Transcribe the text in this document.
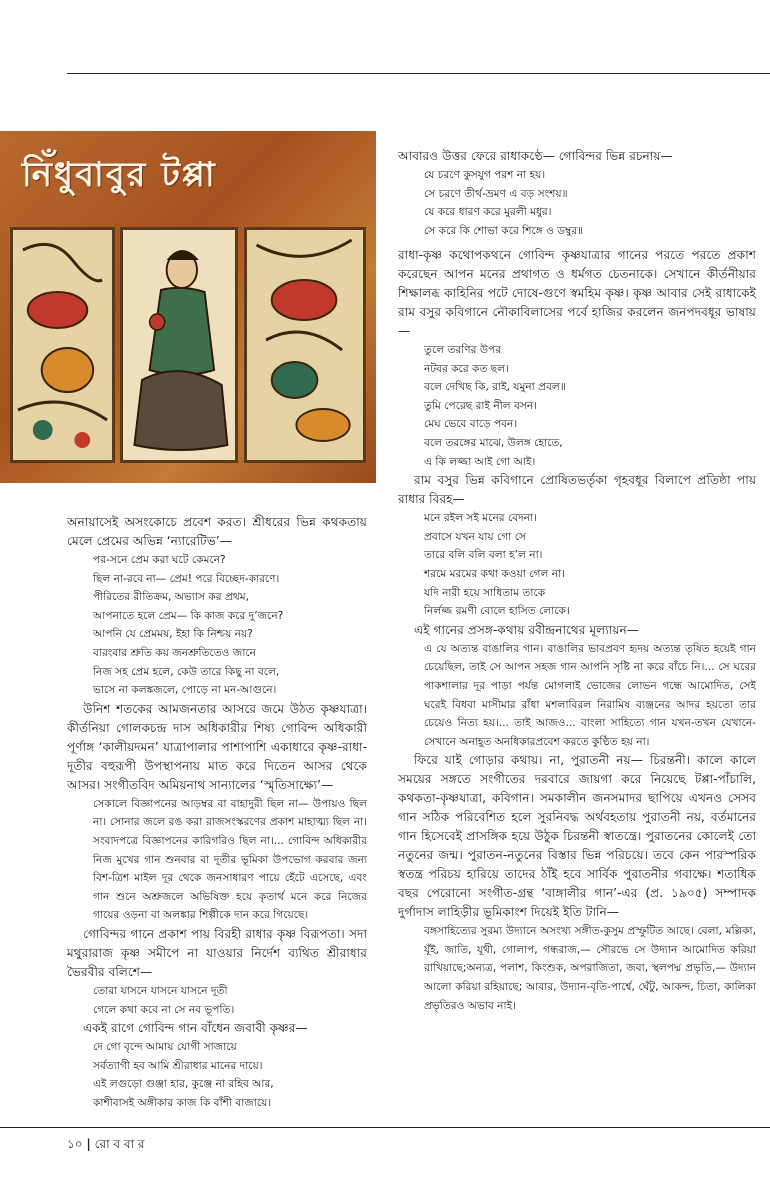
নিঁধুবাবুর টপ্পা	আবারও উত্তর ফেরে রাধাকণ্ঠে— গোবিন্দর ভিন্ন রচনায়—

যে চরণে কুসযুগ পরশ না হয়।
সে চরণে তীর্থ-ভ্রমণ এ বড় সংশয়॥
যে করে ধারণ করে মুরলী মধুর।
সে করে কি শোভা করে শিঙ্গে ও ডম্বুর॥

রাধা-কৃষ্ণ কথোপকথনে গোবিন্দ কৃষ্ণযাত্রার গানের পরতে পরতে প্রকাশ করেছেন আপন মনের প্রথাগত ও ধর্মগত চেতনাকে। সেখানে কীর্তনীয়ার শিক্ষালব্ধ কাহিনির পটে দোষে-গুণে স্বমহিম কৃষ্ণ। কৃষ্ণ আবার সেই রাধাকেই রাম বসুর কবিগানে নৌকাবিলাসের পর্বে হাজির করলেন জনপদবধূর ভাষায়—

তুলে তরণির উপর
নটবর করে কত ছল।
বলে দেখিছ কি, রাই, যমুনা প্রবল॥
তুমি পেরেছ রাই নীল বসন।
মেঘ ভেবে বাড়ে পবন।
বলে তরঙ্গের মাঝে, উলঙ্গ হোতে,
এ কি লজ্জা আই গো আই।

রাম বসুর ভিন্ন কবিগানে প্রোষিতভর্তৃকা গৃহবধূর বিলাপে প্রতিষ্ঠা পায় রাধার বিরহ—

মনে রইল সই মনের বেদনা।
প্রবাসে যখন যায় গো সে
তারে বলি বলি বলা হ’ল না।
শরমে মরমের কথা কওয়া গেল না।
যদি নারী হয়ে সাধিতাম তাকে
নির্লজ্জ রমণী বোলে হাসিত লোকে।

এই গানের প্রসঙ্গ-কথায় রবীন্দ্রনাথের মূল্যায়ন—

এ যে অত্যন্ত বাঙালির গান। বাঙালির ভাবপ্রবণ হৃদয় অত্যন্ত তৃষিত হয়েই গান চেয়েছিল, তাই সে আপন সহজ গান আপনি সৃষ্টি না করে বাঁচে নি।... সে ঘরের পাকশালার দূর পাড়া পর্যন্ত মোগলাই ভোজের লোভন গন্ধে আমোদিত, সেই ঘরেই বিধবা মাসীমার রাঁধা মশলাবিরল নিরামিষ ব্যঞ্জনের আদর হয়তো তার চেয়েও নিত্য হয়।... তাই আজও... বাংলা সাহিত্যে গান যখন-তখন যেখানে-সেখানে অনাহূত অনধিকারপ্রবেশ করতে কুণ্ঠিত হয় না।

ফিরে যাই গোড়ার কথায়। না, পুরাতনী নয়— চিরন্তনী। কালে কালে সময়ের সঙ্গতে সংগীতের দরবারে জায়গা করে নিয়েছে টপ্পা-পাঁচালি, কথকতা-কৃষ্ণযাত্রা, কবিগান। সমকালীন জনসমাদর ছাপিয়ে এখনও সেসব গান সঠিক পরিবেশিত হলে সুরনিবদ্ধ অর্থবহতায় পুরাতনী নয়, বর্তমানের গান হিসেবেই প্রাসঙ্গিক হয়ে উঠুক চিরন্তনী স্বাতন্ত্রে। পুরাতনের কোলেই তো নতুনের জন্ম। পুরাতন-নতুনের বিস্তার ভিন্ন পরিচয়ে। তবে কেন পারস্পরিক স্বতন্ত্র পরিচয় হারিয়ে তাদের ঠাঁই হবে সার্বিক পুরাতনীর গবাক্ষে। শতাধিক বছর পেরোনো সংগীত-গ্রন্থ ‘বাঙ্গালীর গান’-এর (প্র. ১৯০৫) সম্পাদক দুর্গাদাস লাহিড়ীর ভূমিকাংশ দিয়েই ইতি টানি—

বঙ্গসাহিত্যের সুরম্য উদ্যানে অসংখ্য সঙ্গীত-কুসুম প্রস্ফুটিত আছে। বেলা, মল্লিকা, যূঁই, জাতি, যূথী, গোলাপ, গন্ধরাজ,— সৌরভে সে উদ্যান আমোদিত করিয়া রাখিয়াছে;অন্যত্র, পলাশ, কিংশুক, অপরাজিতা, জবা, স্থলপদ্ম প্রভৃতি,— উদ্যান আলো করিয়া রহিয়াছে; আবার, উদ্যান-বৃতি-পার্শ্বে, ঘেঁটু, আকন্দ, চিতা, কালিকা প্রভৃতিরও অভাব নাই।

অনায়াসেই অসংকোচে প্রবেশ করত। শ্রীধরের ভিন্ন কথকতায় মেলে প্রেমের অভিন্ন ‘ন্যারেটিভ’—

পর-সনে প্রেম করা ঘটে কেমনে?
ছিল না-রবে না— প্রেম! পরে বিচ্ছেদ-কারণে।
পীরিতের রীতিক্রম, অভ্যাস কর প্রথম,
আপনাতে হলে প্রেম— কি কাজ করে দু’জনে?
আপনি যে প্রেমময়, ইহা কি নিশ্চয় নয়?
বারংবার শ্রুতি কয় জনশ্রুতিতেও জানে
নিজ সহ প্রেম হলে, কেউ তারে কিছু না বলে,
ভাসে না কলঙ্কজলে, পোড়ে না মন-আগুনে।

উনিশ শতকের আমজনতার আসরে জমে উঠত কৃষ্ণযাত্রা। কীর্তনিয়া গোলকচন্দ্র দাস অধিকারীর শিষ্য গোবিন্দ অধিকারী পূর্ণাঙ্গ ‘কালীয়দমন’ যাত্রাপালার পাশাপাশি একাধারে কৃষ্ণ-রাধা-দূতীর বহুরূপী উপস্থাপনায় মাত করে দিতেন আসর থেকে আসর। সংগীতবিদ অমিয়নাথ সান্যালের ‘স্মৃতিসাক্ষ্যে’—

সেকালে বিজ্ঞাপনের আড়ম্বর বা বাহাদুরী ছিল না— উপায়ও ছিল না। সোনার জলে রঙ করা রাজসংস্করণের প্রকাশ মাহাত্ম্য ছিল না। সংবাদপত্রে বিজ্ঞাপনের কারিগরিও ছিল না।... গোবিন্দ অধিকারীর নিজ মুখের গান শুনবার বা দূতীর ভূমিকা উপভোগ করবার জন্য বিশ-ত্রিশ মাইল দূর থেকে জনসাধারণ পায়ে হেঁটে এসেছে, এবং গান শুনে অশ্রুজলে অভিষিক্ত হয়ে কৃতার্থ মনে করে নিজের গায়ের ওড়না বা অলঙ্কার শিল্পীকে দান করে গিয়েছে।

গোবিন্দর গানে প্রকাশ পায় বিরহী রাধার কৃষ্ণ বিরূপতা। সদা মথুরারাজ কৃষ্ণ সমীপে না যাওয়ার নির্দেশ ব্যথিত শ্রীরাধার ভৈরবীর বলিশে—

তোরা যাসনে যাসনে যাসনে দূতী
গেলে কথা কবে না সে নব ভূপতি।

একই রাগে গোবিন্দ গান বাঁধেন জবাবী কৃষ্ণর—

দে গো বৃন্দে আমায় যোগী সাজায়ে
সর্বত্যাগী হব আমি শ্রীরাধার মানের দায়ে।
এই লগুড়ো গুঞ্জা হার, কুঞ্জে না রহিব আর,
কাশীবাসই অঙ্গীকার কাজ কি বাঁশী বাজায়ে।
১০ | রো ব বা র
